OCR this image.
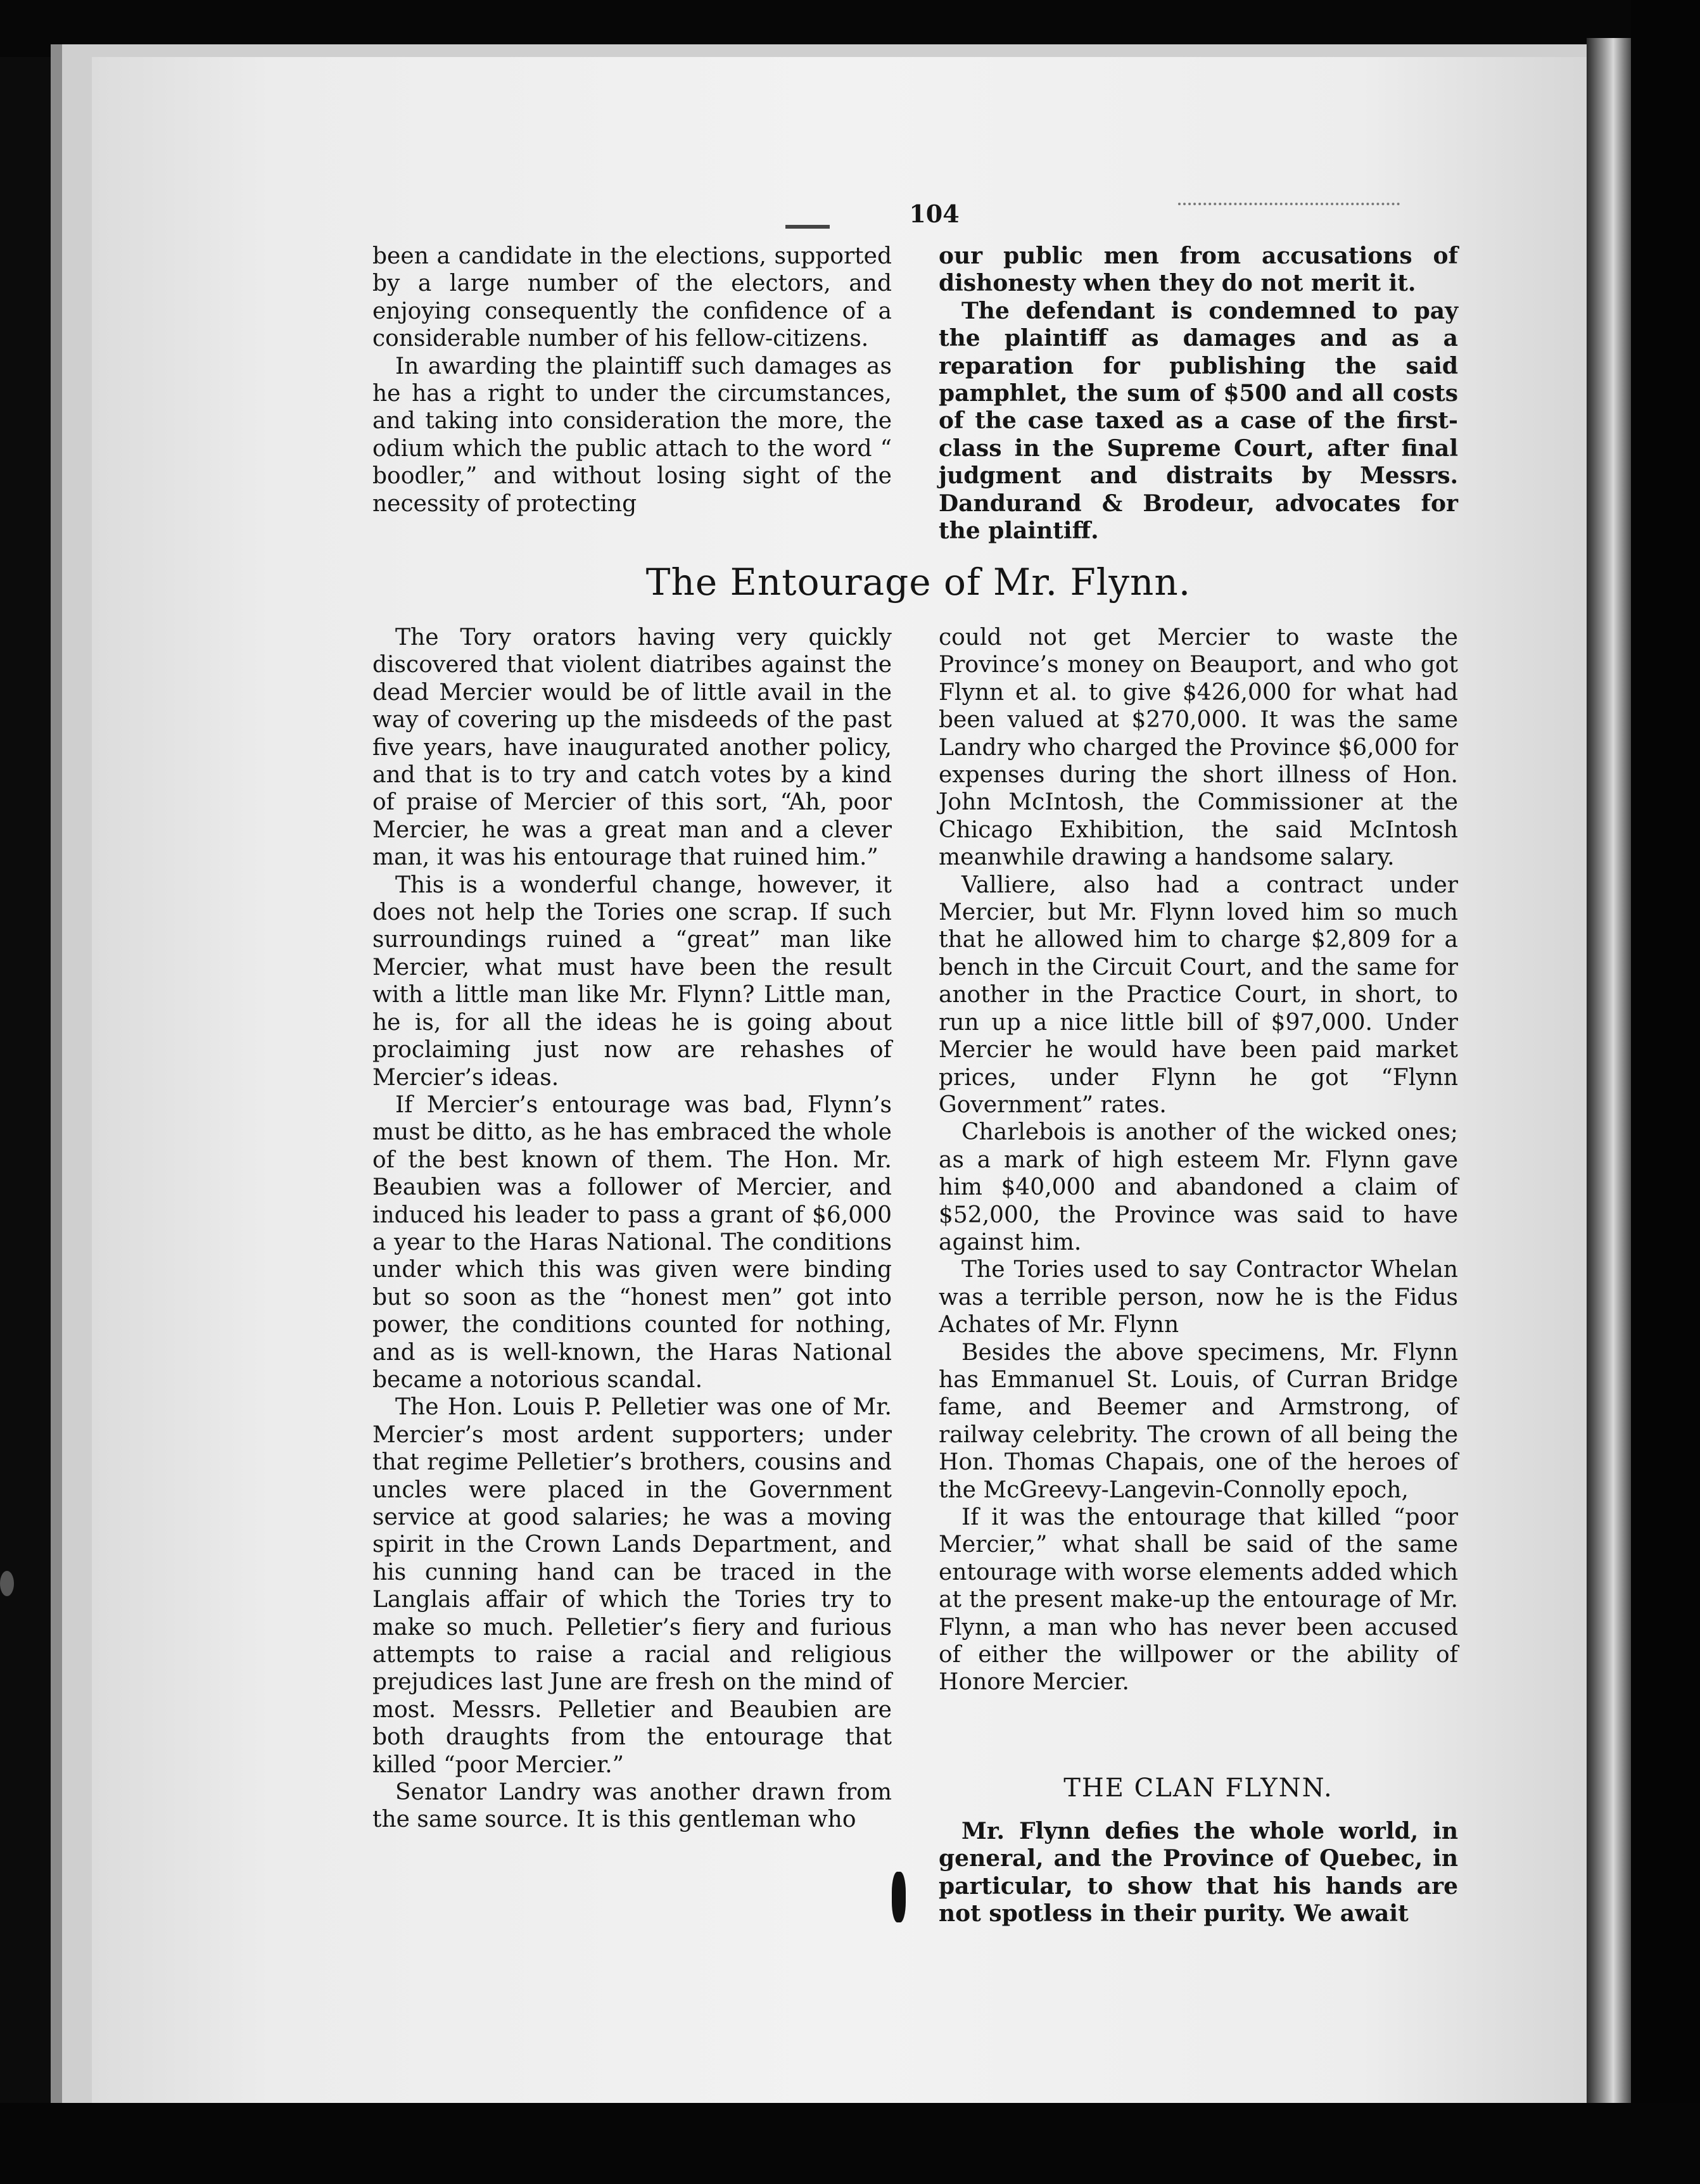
104

been a candidate in the elections, supported by a large number of the electors, and enjoying consequently the confidence of a considerable number of his fellow-citizens.

In awarding the plaintiff such damages as he has a right to under the circumstances, and taking into consideration the more, the odium which the public attach to the word “ boodler,” and without losing sight of the necessity of protecting

our public men from accusations of dishonesty when they do not merit it.

The defendant is condemned to pay the plaintiff as damages and as a reparation for publishing the said pamphlet, the sum of $500 and all costs of the case taxed as a case of the first-class in the Supreme Court, after final judgment and distraits by Messrs. Dandurand & Brodeur, advocates for the plaintiff.

The Entourage of Mr. Flynn.

The Tory orators having very quickly discovered that violent diatribes against the dead Mercier would be of little avail in the way of covering up the misdeeds of the past five years, have inaugurated another policy, and that is to try and catch votes by a kind of praise of Mercier of this sort, “Ah, poor Mercier, he was a great man and a clever man, it was his entourage that ruined him.”

This is a wonderful change, however, it does not help the Tories one scrap. If such surroundings ruined a “great” man like Mercier, what must have been the result with a little man like Mr. Flynn? Little man, he is, for all the ideas he is going about proclaiming just now are rehashes of Mercier’s ideas.

If Mercier’s entourage was bad, Flynn’s must be ditto, as he has embraced the whole of the best known of them. The Hon. Mr. Beaubien was a follower of Mercier, and induced his leader to pass a grant of $6,000 a year to the Haras National. The conditions under which this was given were binding but so soon as the “honest men” got into power, the conditions counted for nothing, and as is well-known, the Haras National became a notorious scandal.

The Hon. Louis P. Pelletier was one of Mr. Mercier’s most ardent supporters; under that regime Pelletier’s brothers, cousins and uncles were placed in the Government service at good salaries; he was a moving spirit in the Crown Lands Department, and his cunning hand can be traced in the Langlais affair of which the Tories try to make so much. Pelletier’s fiery and furious attempts to raise a racial and religious prejudices last June are fresh on the mind of most. Messrs. Pelletier and Beaubien are both draughts from the entourage that killed “poor Mercier.”

Senator Landry was another drawn from the same source. It is this gentleman who

could not get Mercier to waste the Province’s money on Beauport, and who got Flynn et al. to give $426,000 for what had been valued at $270,000. It was the same Landry who charged the Province $6,000 for expenses during the short illness of Hon. John McIntosh, the Commissioner at the Chicago Exhibition, the said McIntosh meanwhile drawing a handsome salary.

Valliere, also had a contract under Mercier, but Mr. Flynn loved him so much that he allowed him to charge $2,809 for a bench in the Circuit Court, and the same for another in the Practice Court, in short, to run up a nice little bill of $97,000. Under Mercier he would have been paid market prices, under Flynn he got “Flynn Government” rates.

Charlebois is another of the wicked ones; as a mark of high esteem Mr. Flynn gave him $40,000 and abandoned a claim of $52,000, the Province was said to have against him.

The Tories used to say Contractor Whelan was a terrible person, now he is the Fidus Achates of Mr. Flynn

Besides the above specimens, Mr. Flynn has Emmanuel St. Louis, of Curran Bridge fame, and Beemer and Armstrong, of railway celebrity. The crown of all being the Hon. Thomas Chapais, one of the heroes of the McGreevy-Langevin-Connolly epoch,

If it was the entourage that killed “poor Mercier,” what shall be said of the same entourage with worse elements added which at the present make-up the entourage of Mr. Flynn, a man who has never been accused of either the willpower or the ability of Honore Mercier.

THE CLAN FLYNN.

Mr. Flynn defies the whole world, in general, and the Province of Quebec, in particular, to show that his hands are not spotless in their purity. We await
